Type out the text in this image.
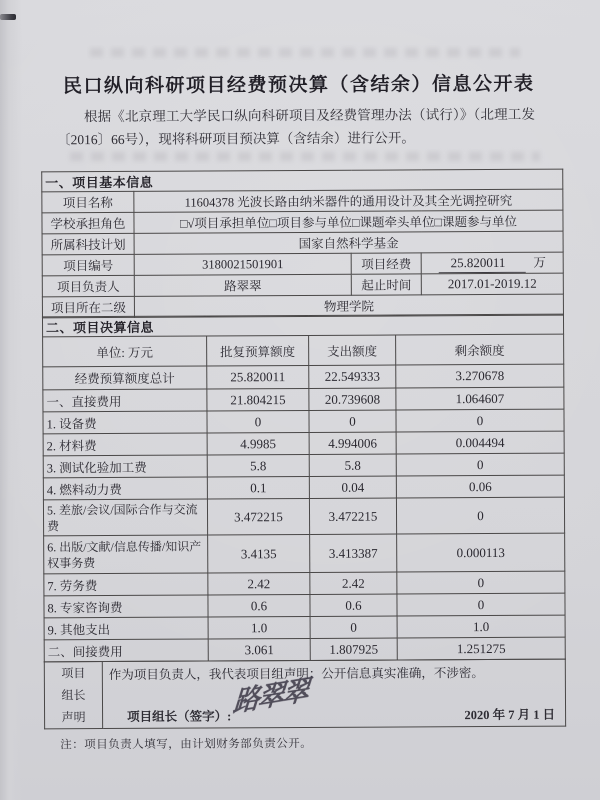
民口纵向科研项目经费预决算（含结余）信息公开表
根据《北京理工大学民口纵向科研项目及经费管理办法（试行）》（北理工发〔2016〕66号），现将科研项目预决算（含结余）进行公开。
一、项目基本信息			
项目名称	11604378 光波长路由纳米器件的通用设计及其全光调控研究		
学校承担角色	□√项目承担单位□项目参与单位□课题牵头单位□课题参与单位		
所属科技计划	国家自然科学基金		
项目编号	3180021501901	项目经费	25.820011 万
项目负责人	路翠翠	起止时间	2017.01-2019.12
项目所在二级	物理学院		
二、项目决算信息			
单位: 万元	批复预算额度	支出额度	剩余额度
经费预算额度总计	25.820011	22.549333	3.270678
一、直接费用	21.804215	20.739608	1.064607
1. 设备费	0	0	0
2. 材料费	4.9985	4.994006	0.004494
3. 测试化验加工费	5.8	5.8	0
4. 燃料动力费	0.1	0.04	0.06
5. 差旅/会议/国际合作与交流费	3.472215	3.472215	0
6. 出版/文献/信息传播/知识产权事务费	3.4135	3.413387	0.000113
7. 劳务费	2.42	2.42	0
8. 专家咨询费	0.6	0.6	0
9. 其他支出	1.0	0	1.0
二、间接费用	3.061	1.807925	1.251275
项目组长声明

作为项目负责人，我代表项目组声明：公开信息真实准确，不涉密。
路翠翠
项目组长（签字）:	2020 年 7 月 1 日
注：项目负责人填写，由计划财务部负责公开。
